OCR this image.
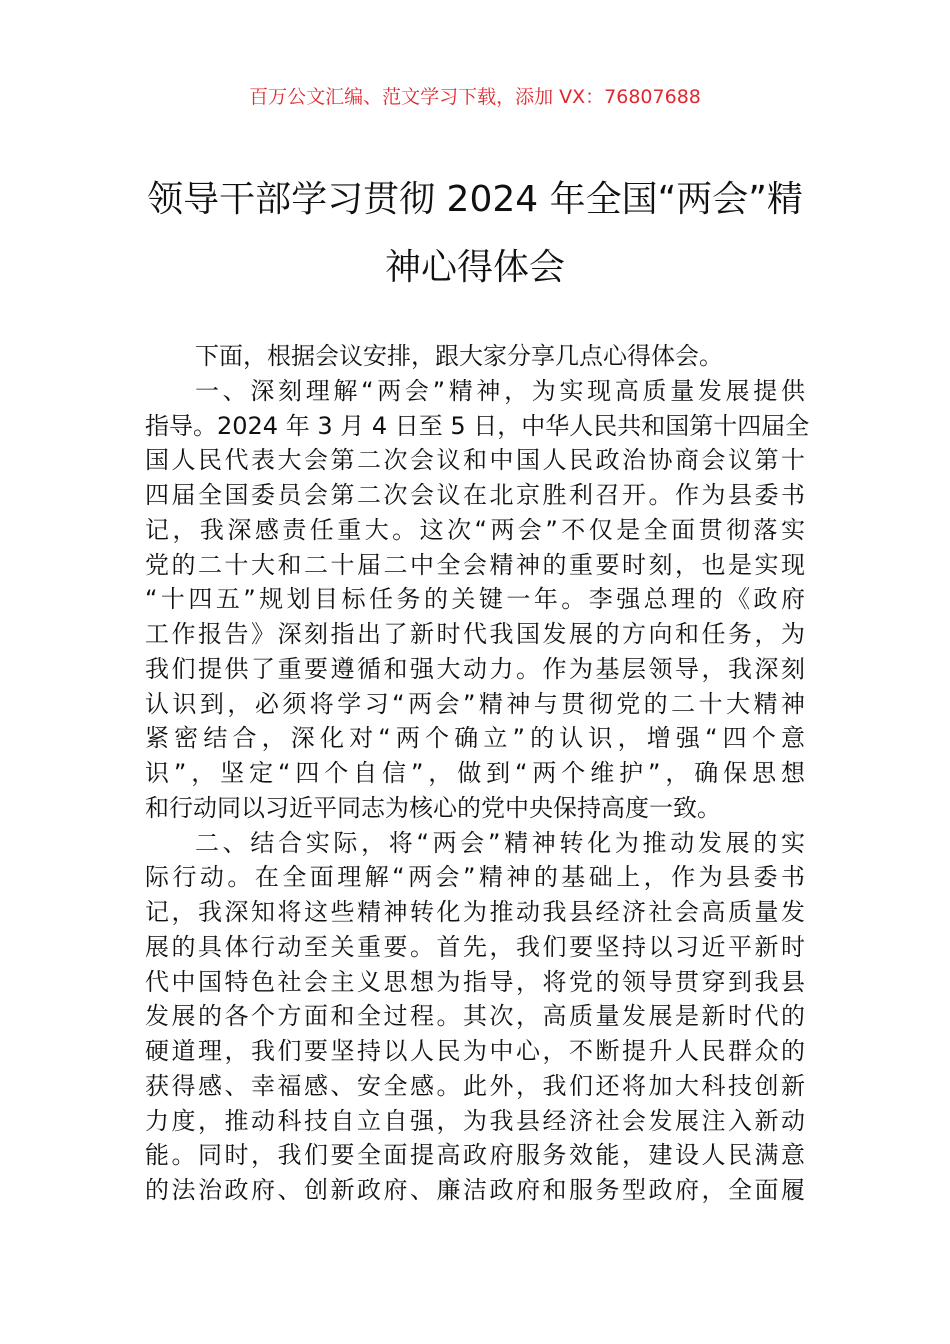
百万公文汇编、范文学习下载，添加 VX：76807688
领导干部学习贯彻 2024 年全国“两会”精
神心得体会
下面，根据会议安排，跟大家分享几点心得体会。
一、深刻理解“两会”精神，为实现高质量发展提供
指导。2024 年 3 月 4 日至 5 日，中华人民共和国第十四届全
国人民代表大会第二次会议和中国人民政治协商会议第十
四届全国委员会第二次会议在北京胜利召开。作为县委书
记，我深感责任重大。这次“两会”不仅是全面贯彻落实
党的二十大和二十届二中全会精神的重要时刻，也是实现
“十四五”规划目标任务的关键一年。李强总理的《政府
工作报告》深刻指出了新时代我国发展的方向和任务，为
我们提供了重要遵循和强大动力。作为基层领导，我深刻
认识到，必须将学习“两会”精神与贯彻党的二十大精神
紧密结合，深化对“两个确立”的认识，增强“四个意
识”，坚定“四个自信”，做到“两个维护”，确保思想
和行动同以习近平同志为核心的党中央保持高度一致。
二、结合实际，将“两会”精神转化为推动发展的实
际行动。在全面理解“两会”精神的基础上，作为县委书
记，我深知将这些精神转化为推动我县经济社会高质量发
展的具体行动至关重要。首先，我们要坚持以习近平新时
代中国特色社会主义思想为指导，将党的领导贯穿到我县
发展的各个方面和全过程。其次，高质量发展是新时代的
硬道理，我们要坚持以人民为中心，不断提升人民群众的
获得感、幸福感、安全感。此外，我们还将加大科技创新
力度，推动科技自立自强，为我县经济社会发展注入新动
能。同时，我们要全面提高政府服务效能，建设人民满意
的法治政府、创新政府、廉洁政府和服务型政府，全面履
